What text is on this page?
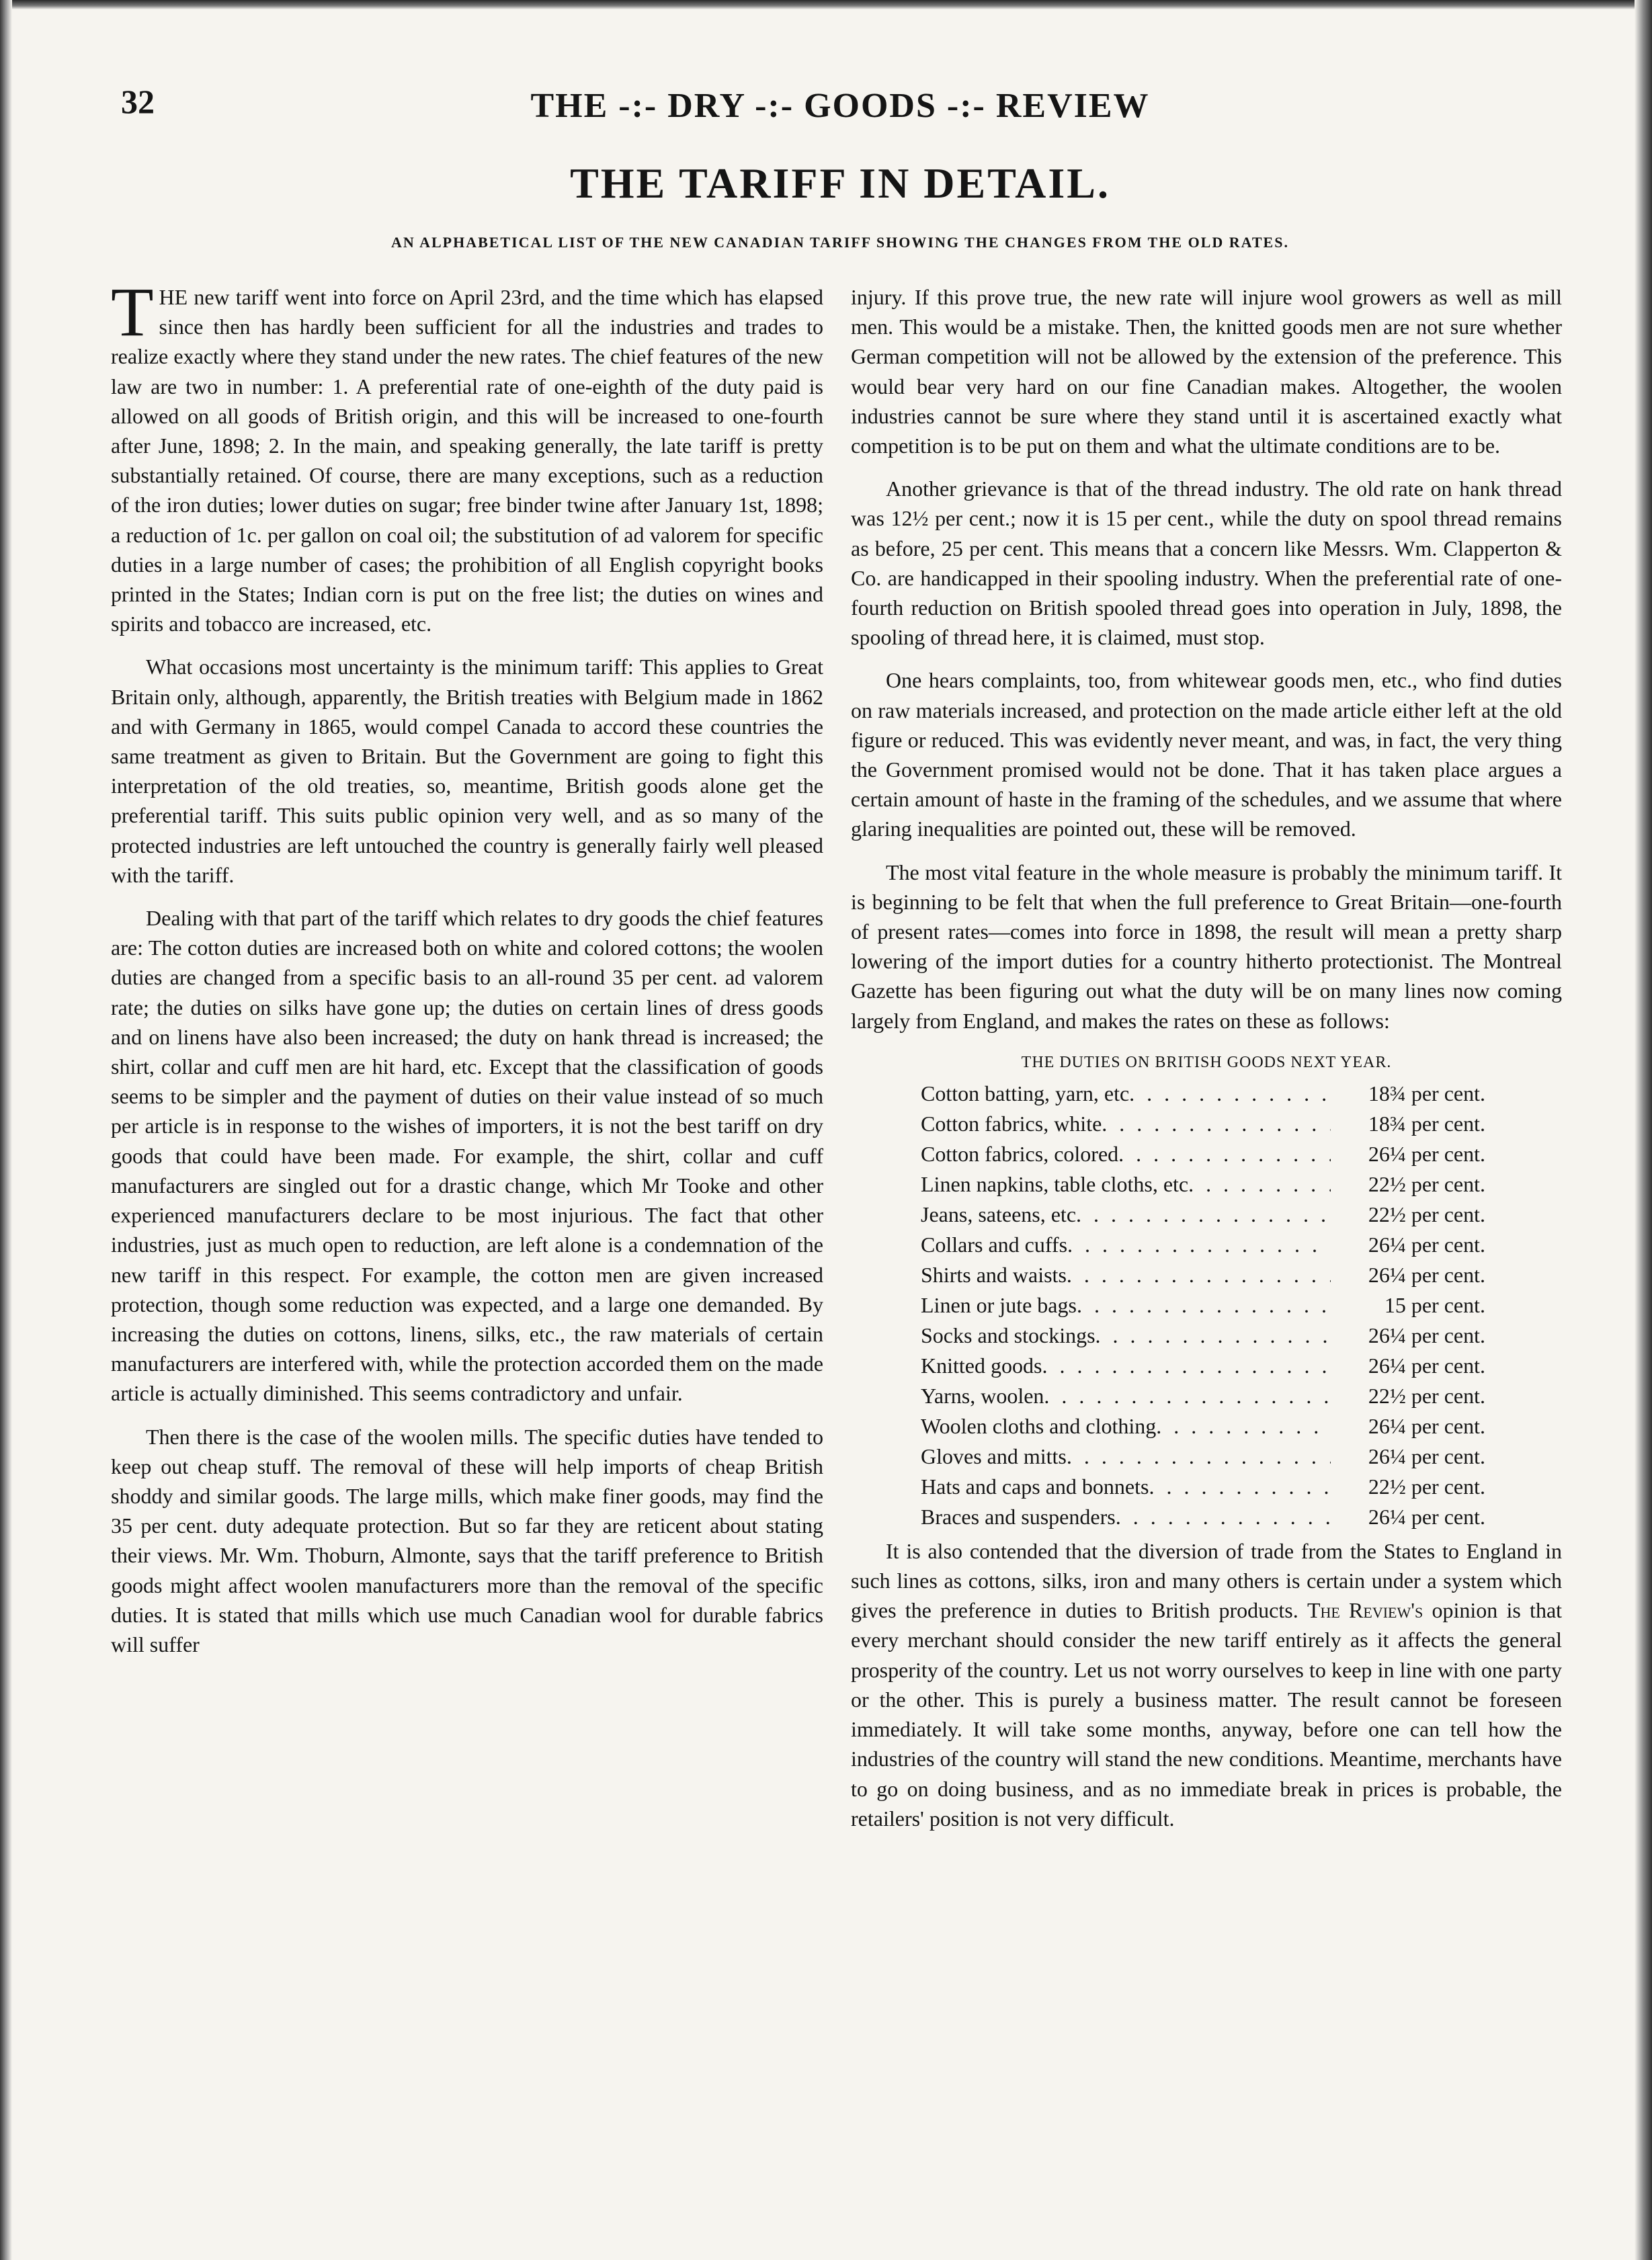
32	THE -:- DRY -:- GOODS -:- REVIEW
THE TARIFF IN DETAIL.
AN ALPHABETICAL LIST OF THE NEW CANADIAN TARIFF SHOWING THE CHANGES FROM THE OLD RATES.

THE new tariff went into force on April 23rd, and the time which has elapsed since then has hardly been sufficient for all the industries and trades to realize exactly where they stand under the new rates. The chief features of the new law are two in number: 1. A preferential rate of one-eighth of the duty paid is allowed on all goods of British origin, and this will be increased to one-fourth after June, 1898; 2. In the main, and speaking generally, the late tariff is pretty substantially retained. Of course, there are many exceptions, such as a reduction of the iron duties; lower duties on sugar; free binder twine after January 1st, 1898; a reduction of 1c. per gallon on coal oil; the substitution of ad valorem for specific duties in a large number of cases; the prohibition of all English copyright books printed in the States; Indian corn is put on the free list; the duties on wines and spirits and tobacco are increased, etc.

What occasions most uncertainty is the minimum tariff: This applies to Great Britain only, although, apparently, the British treaties with Belgium made in 1862 and with Germany in 1865, would compel Canada to accord these countries the same treatment as given to Britain. But the Government are going to fight this interpretation of the old treaties, so, meantime, British goods alone get the preferential tariff. This suits public opinion very well, and as so many of the protected industries are left untouched the country is generally fairly well pleased with the tariff.

Dealing with that part of the tariff which relates to dry goods the chief features are: The cotton duties are increased both on white and colored cottons; the woolen duties are changed from a specific basis to an all-round 35 per cent. ad valorem rate; the duties on silks have gone up; the duties on certain lines of dress goods and on linens have also been increased; the duty on hank thread is increased; the shirt, collar and cuff men are hit hard, etc. Except that the classification of goods seems to be simpler and the payment of duties on their value instead of so much per article is in response to the wishes of importers, it is not the best tariff on dry goods that could have been made. For example, the shirt, collar and cuff manufacturers are singled out for a drastic change, which Mr Tooke and other experienced manufacturers declare to be most injurious. The fact that other industries, just as much open to reduction, are left alone is a condemnation of the new tariff in this respect. For example, the cotton men are given increased protection, though some reduction was expected, and a large one demanded. By increasing the duties on cottons, linens, silks, etc., the raw materials of certain manufacturers are interfered with, while the protection accorded them on the made article is actually diminished. This seems contradictory and unfair.

Then there is the case of the woolen mills. The specific duties have tended to keep out cheap stuff. The removal of these will help imports of cheap British shoddy and similar goods. The large mills, which make finer goods, may find the 35 per cent. duty adequate protection. But so far they are reticent about stating their views. Mr. Wm. Thoburn, Almonte, says that the tariff preference to British goods might affect woolen manufacturers more than the removal of the specific duties. It is stated that mills which use much Canadian wool for durable fabrics will suffer

injury. If this prove true, the new rate will injure wool growers as well as mill men. This would be a mistake. Then, the knitted goods men are not sure whether German competition will not be allowed by the extension of the preference. This would bear very hard on our fine Canadian makes. Altogether, the woolen industries cannot be sure where they stand until it is ascertained exactly what competition is to be put on them and what the ultimate conditions are to be.

Another grievance is that of the thread industry. The old rate on hank thread was 12½ per cent.; now it is 15 per cent., while the duty on spool thread remains as before, 25 per cent. This means that a concern like Messrs. Wm. Clapperton & Co. are handicapped in their spooling industry. When the preferential rate of one-fourth reduction on British spooled thread goes into operation in July, 1898, the spooling of thread here, it is claimed, must stop.

One hears complaints, too, from whitewear goods men, etc., who find duties on raw materials increased, and protection on the made article either left at the old figure or reduced. This was evidently never meant, and was, in fact, the very thing the Government promised would not be done. That it has taken place argues a certain amount of haste in the framing of the schedules, and we assume that where glaring inequalities are pointed out, these will be removed.

The most vital feature in the whole measure is probably the minimum tariff. It is beginning to be felt that when the full preference to Great Britain—one-fourth of present rates—comes into force in 1898, the result will mean a pretty sharp lowering of the import duties for a country hitherto protectionist. The Montreal Gazette has been figuring out what the duty will be on many lines now coming largely from England, and makes the rates on these as follows:

THE DUTIES ON BRITISH GOODS NEXT YEAR.
Cotton batting, yarn, etc . . .	18¾ per cent.
Cotton fabrics, white . . .	18¾ per cent.
Cotton fabrics, colored . . .	26¼ per cent.
Linen napkins, table cloths, etc . . .	22½ per cent.
Jeans, sateens, etc . . .	22½ per cent.
Collars and cuffs . . .	26¼ per cent.
Shirts and waists . . .	26¼ per cent.
Linen or jute bags . . .	15 per cent.
Socks and stockings . . .	26¼ per cent.
Knitted goods . . .	26¼ per cent.
Yarns, woolen . . .	22½ per cent.
Woolen cloths and clothing . . .	26¼ per cent.
Gloves and mitts . . .	26¼ per cent.
Hats and caps and bonnets . . .	22½ per cent.
Braces and suspenders . . .	26¼ per cent.

It is also contended that the diversion of trade from the States to England in such lines as cottons, silks, iron and many others is certain under a system which gives the preference in duties to British products. The Review's opinion is that every merchant should consider the new tariff entirely as it affects the general prosperity of the country. Let us not worry ourselves to keep in line with one party or the other. This is purely a business matter. The result cannot be foreseen immediately. It will take some months, anyway, before one can tell how the industries of the country will stand the new conditions. Meantime, merchants have to go on doing business, and as no immediate break in prices is probable, the retailers' position is not very difficult.
